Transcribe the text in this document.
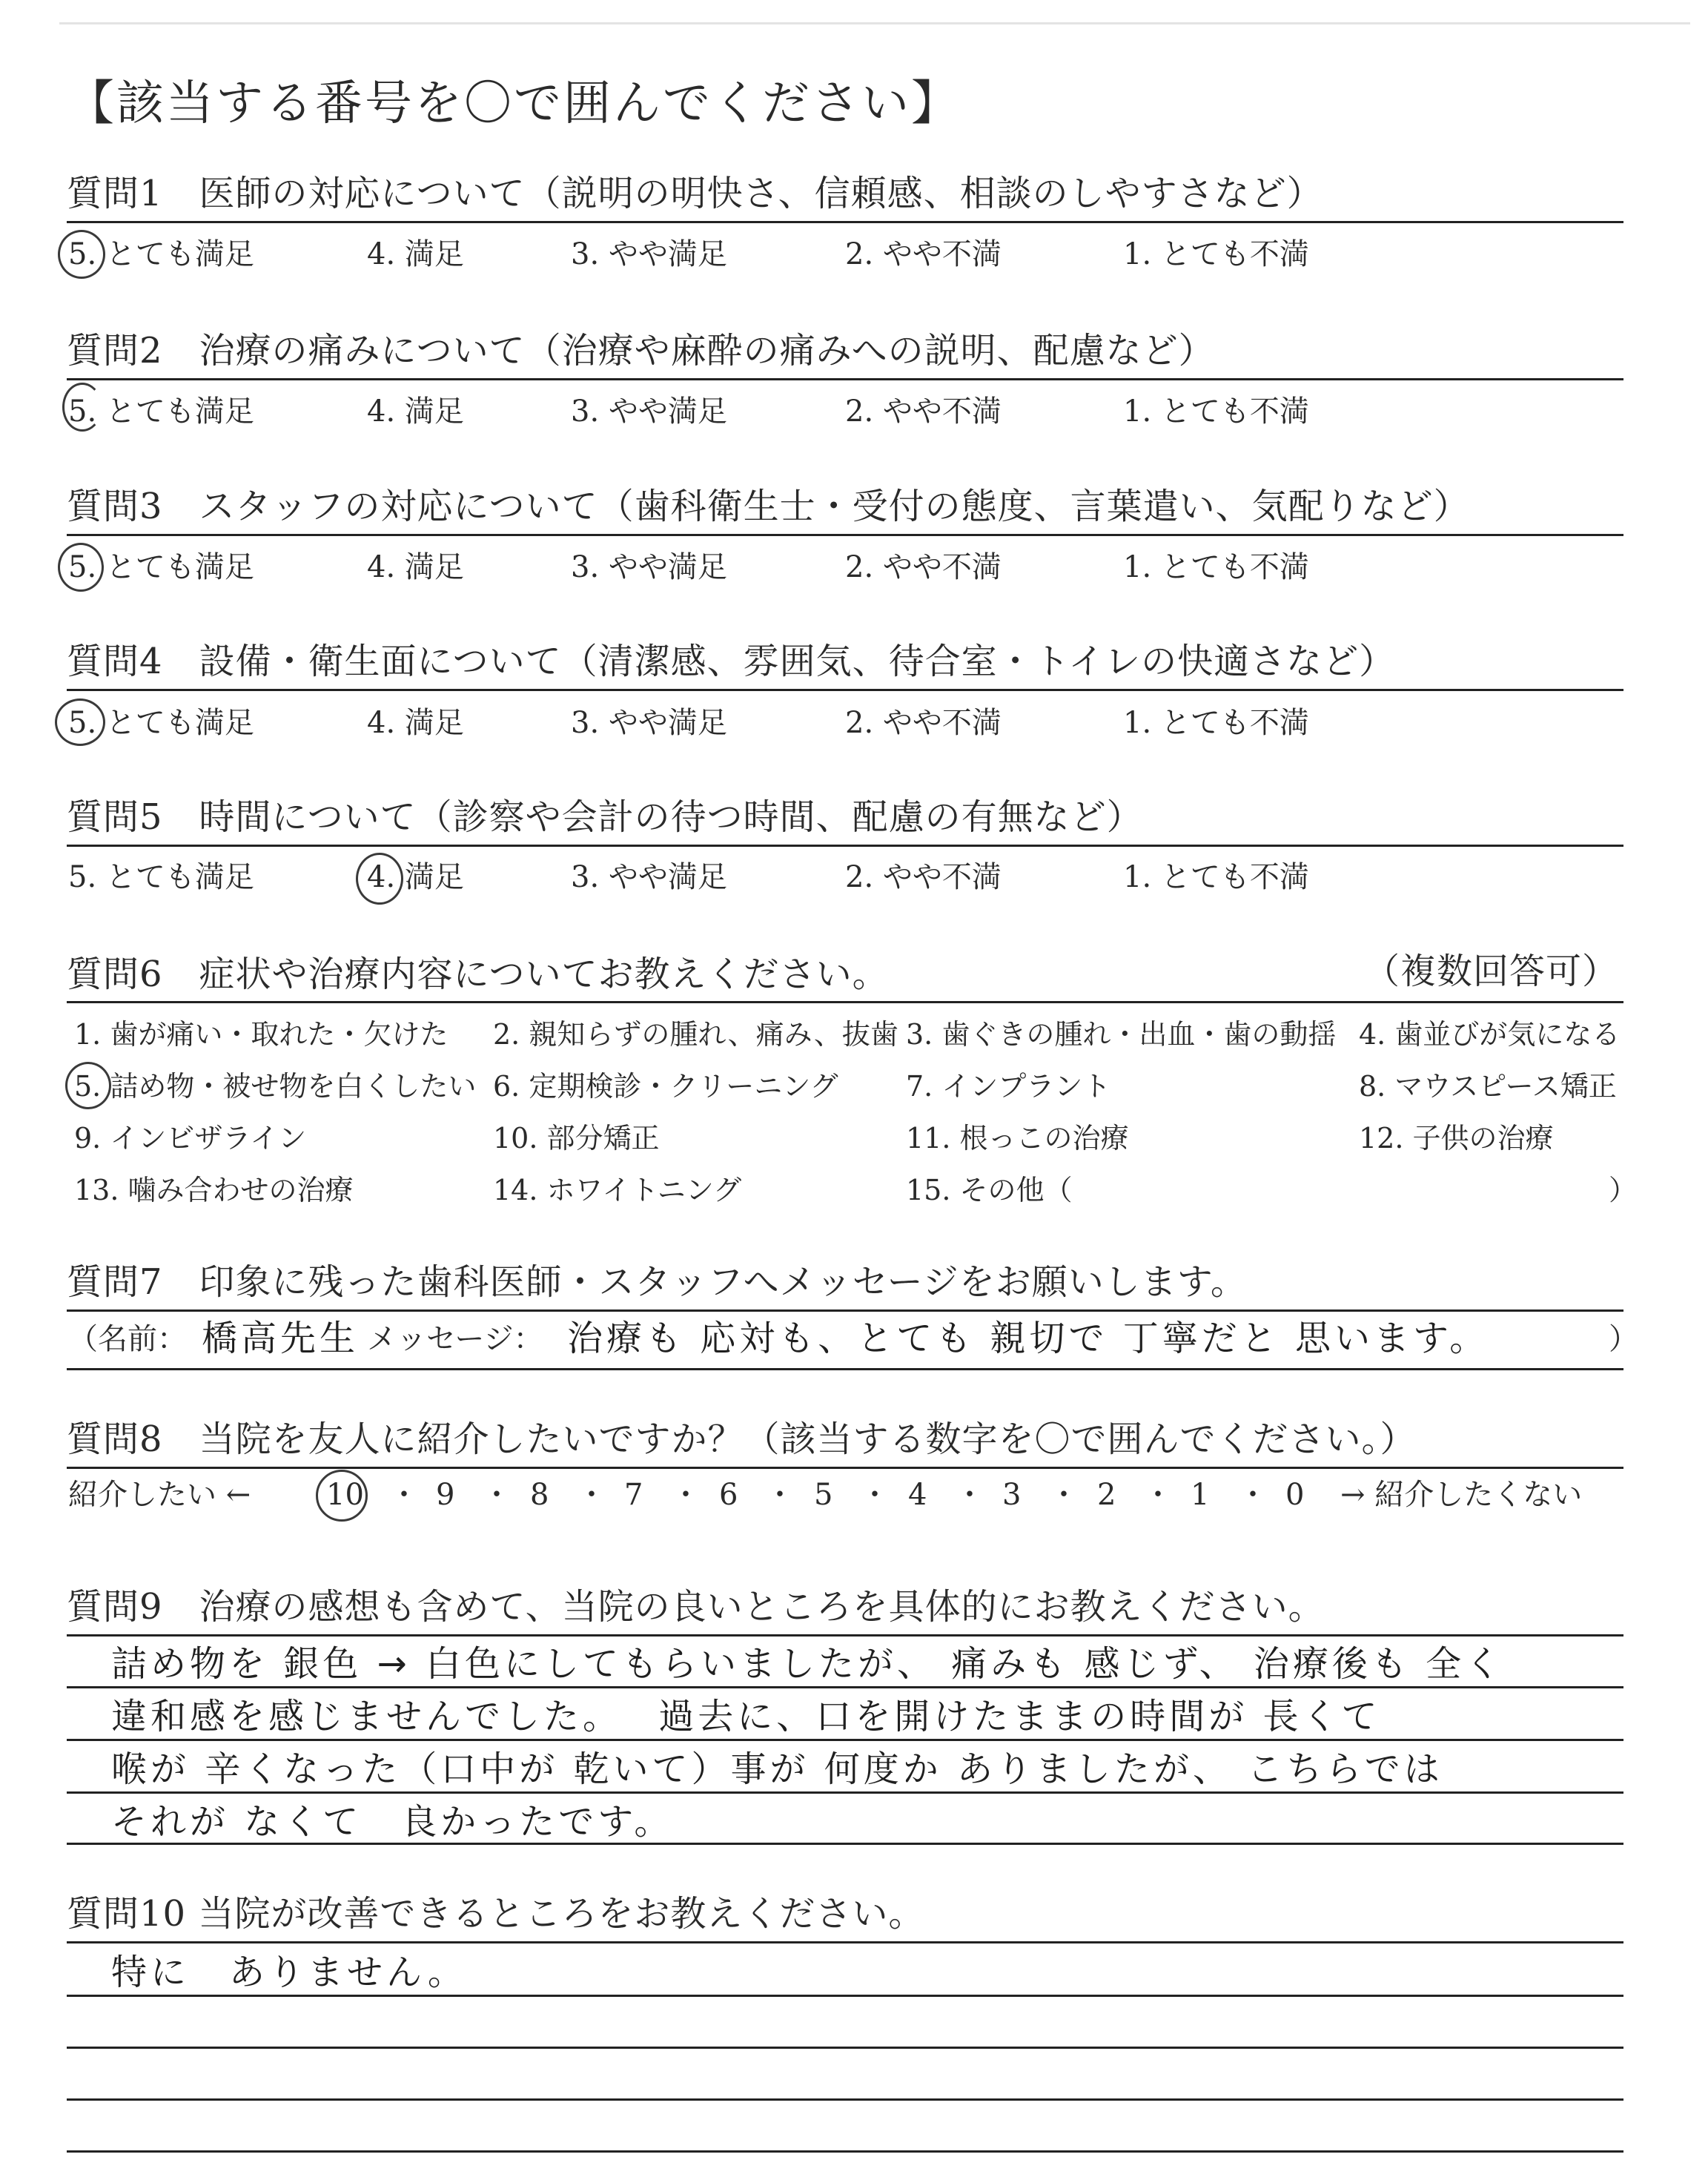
【該当する番号を〇で囲んでください】
質問1　医師の対応について（説明の明快さ、信頼感、相談のしやすさなど）
5. とても満足	4. 満足	3. やや満足	2. やや不満	1. とても不満
質問2　治療の痛みについて（治療や麻酔の痛みへの説明、配慮など）
5. とても満足	4. 満足	3. やや満足	2. やや不満	1. とても不満
質問3　スタッフの対応について（歯科衛生士・受付の態度、言葉遣い、気配りなど）
5. とても満足	4. 満足	3. やや満足	2. やや不満	1. とても不満
質問4　設備・衛生面について（清潔感、雰囲気、待合室・トイレの快適さなど）
5. とても満足	4. 満足	3. やや満足	2. やや不満	1. とても不満
質問5　時間について（診察や会計の待つ時間、配慮の有無など）
5. とても満足	4. 満足	3. やや満足	2. やや不満	1. とても不満
質問6　症状や治療内容についてお教えください。	（複数回答可）
1. 歯が痛い・取れた・欠けた 2. 親知らずの腫れ、痛み、抜歯 3. 歯ぐきの腫れ・出血・歯の動揺 4. 歯並びが気になる
5. 詰め物・被せ物を白くしたい 6. 定期検診・クリーニング 7. インプラント	8. マウスピース矯正
9. インビザライン	10. 部分矯正	11. 根っこの治療	12. 子供の治療
13. 噛み合わせの治療	14. ホワイトニング	15. その他（	）
質問7　印象に残った歯科医師・スタッフへメッセージをお願いします。
（名前： 橋高先生 メッセージ： 治療も 応対も、とても 親切で 丁寧だと 思います。	）
質問8　当院を友人に紹介したいですか？（該当する数字を〇で囲んでください。）
紹介したい ←	10 ・ 9 ・ 8 ・ 7 ・ 6 ・ 5 ・ 4 ・ 3 ・ 2 ・ 1 ・ 0 → 紹介したくない
質問9　治療の感想も含めて、当院の良いところを具体的にお教えください。
詰め物を 銀色 → 白色にしてもらいましたが、 痛みも 感じず、 治療後も 全く
違和感を感じませんでした。　 過去に、口を開けたままの時間が 長くて
喉が 辛くなった（口中が 乾いて）事が 何度か ありましたが、 こちらでは
それが なくて　良かったです。
質問10 当院が改善できるところをお教えください。
特に　ありません。
